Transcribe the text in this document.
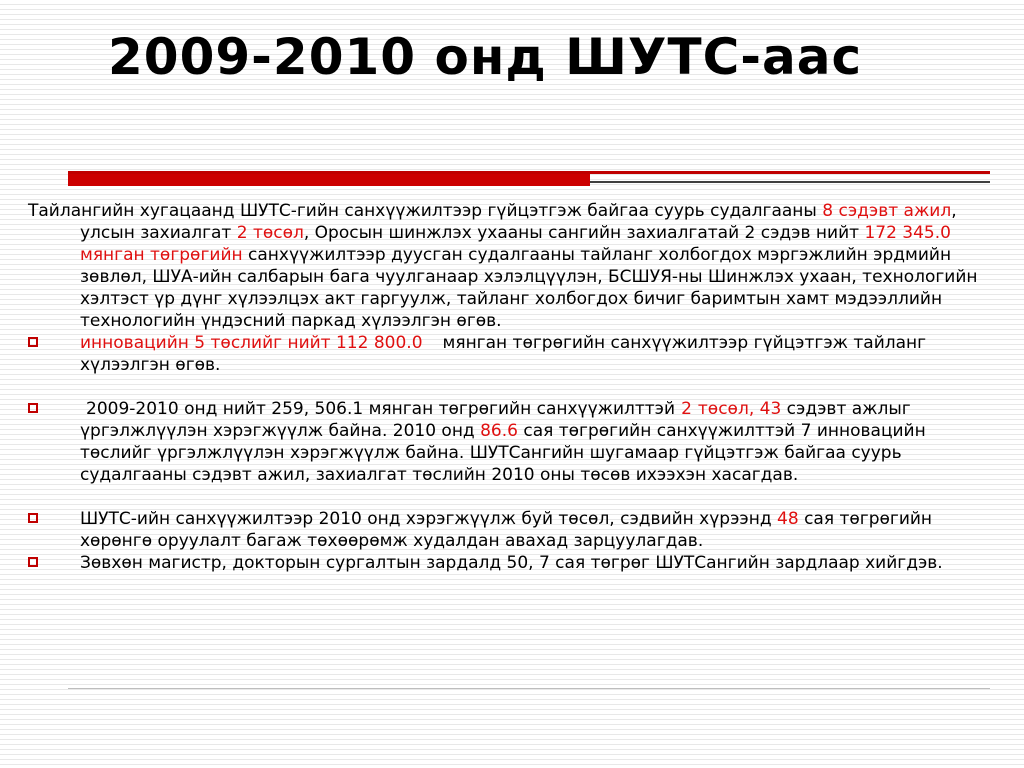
2009-2010 онд ШУТС-аас
Тайлангийн хугацаанд ШУТС-гийн санхүүжилтээр гүйцэтгэж байгаа суурь судалгааны 8 сэдэвт ажил, улсын захиалгат 2 төсөл, Оросын шинжлэх ухааны сангийн захиалгатай 2 сэдэв нийт 172 345.0 мянган төгрөгийн санхүүжилтээр дуусган судалгааны тайланг холбогдох мэргэжлийн эрдмийн зөвлөл, ШУА-ийн салбарын бага чуулганаар хэлэлцүүлэн, БСШУЯ-ны Шинжлэх ухаан, технологийн хэлтэст үр дүнг хүлээлцэх акт гаргуулж, тайланг холбогдох бичиг баримтын хамт мэдээллийн технологийн үндэсний паркад хүлээлгэн өгөв.
инновацийн 5 төслийг нийт 112 800.0 мянган төгрөгийн санхүүжилтээр гүйцэтгэж тайланг хүлээлгэн өгөв.
2009-2010 онд нийт 259, 506.1 мянган төгрөгийн санхүүжилттэй 2 төсөл, 43 сэдэвт ажлыг үргэлжлүүлэн хэрэгжүүлж байна. 2010 онд 86.6 сая төгрөгийн санхүүжилттэй 7 инновацийн төслийг үргэлжлүүлэн хэрэгжүүлж байна. ШУТСангийн шугамаар гүйцэтгэж байгаа суурь судалгааны сэдэвт ажил, захиалгат төслийн 2010 оны төсөв ихээхэн хасагдав.
ШУТС-ийн санхүүжилтээр 2010 онд хэрэгжүүлж буй төсөл, сэдвийн хүрээнд 48 сая төгрөгийн хөрөнгө оруулалт багаж төхөөрөмж худалдан авахад зарцуулагдав.
Зөвхөн магистр, докторын сургалтын зардалд 50, 7 сая төгрөг ШУТСангийн зардлаар хийгдэв.
